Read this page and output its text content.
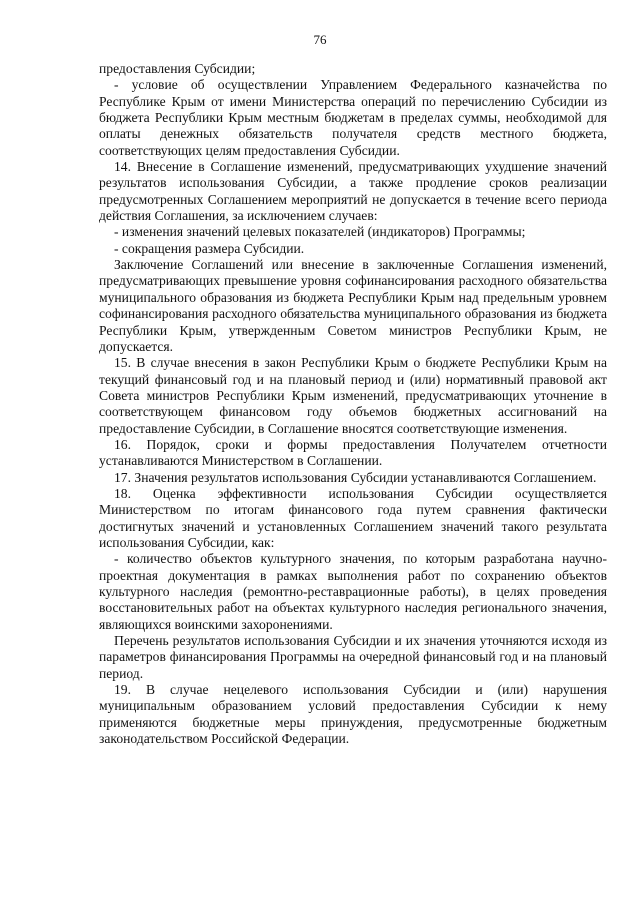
76

предоставления Субсидии;

- условие об осуществлении Управлением Федерального казначейства по Республике Крым от имени Министерства операций по перечислению Субсидии из бюджета Республики Крым местным бюджетам в пределах суммы, необходимой для оплаты денежных обязательств получателя средств местного бюджета, соответствующих целям предоставления Субсидии.

14. Внесение в Соглашение изменений, предусматривающих ухудшение значений результатов использования Субсидии, а также продление сроков реализации предусмотренных Соглашением мероприятий не допускается в течение всего периода действия Соглашения, за исключением случаев:

- изменения значений целевых показателей (индикаторов) Программы;

- сокращения размера Субсидии.

Заключение Соглашений или внесение в заключенные Соглашения изменений, предусматривающих превышение уровня софинансирования расходного обязательства муниципального образования из бюджета Республики Крым над предельным уровнем софинансирования расходного обязательства муниципального образования из бюджета Республики Крым, утвержденным Советом министров Республики Крым, не допускается.

15. В случае внесения в закон Республики Крым о бюджете Республики Крым на текущий финансовый год и на плановый период и (или) нормативный правовой акт Совета министров Республики Крым изменений, предусматривающих уточнение в соответствующем финансовом году объемов бюджетных ассигнований на предоставление Субсидии, в Соглашение вносятся соответствующие изменения.

16. Порядок, сроки и формы предоставления Получателем отчетности устанавливаются Министерством в Соглашении.

17. Значения результатов использования Субсидии устанавливаются Соглашением.

18. Оценка эффективности использования Субсидии осуществляется Министерством по итогам финансового года путем сравнения фактически достигнутых значений и установленных Соглашением значений такого результата использования Субсидии, как:

- количество объектов культурного значения, по которым разработана научно-проектная документация в рамках выполнения работ по сохранению объектов культурного наследия (ремонтно-реставрационные работы), в целях проведения восстановительных работ на объектах культурного наследия регионального значения, являющихся воинскими захоронениями.

Перечень результатов использования Субсидии и их значения уточняются исходя из параметров финансирования Программы на очередной финансовый год и на плановый период.

19. В случае нецелевого использования Субсидии и (или) нарушения муниципальным образованием условий предоставления Субсидии к нему применяются бюджетные меры принуждения, предусмотренные бюджетным законодательством Российской Федерации.
